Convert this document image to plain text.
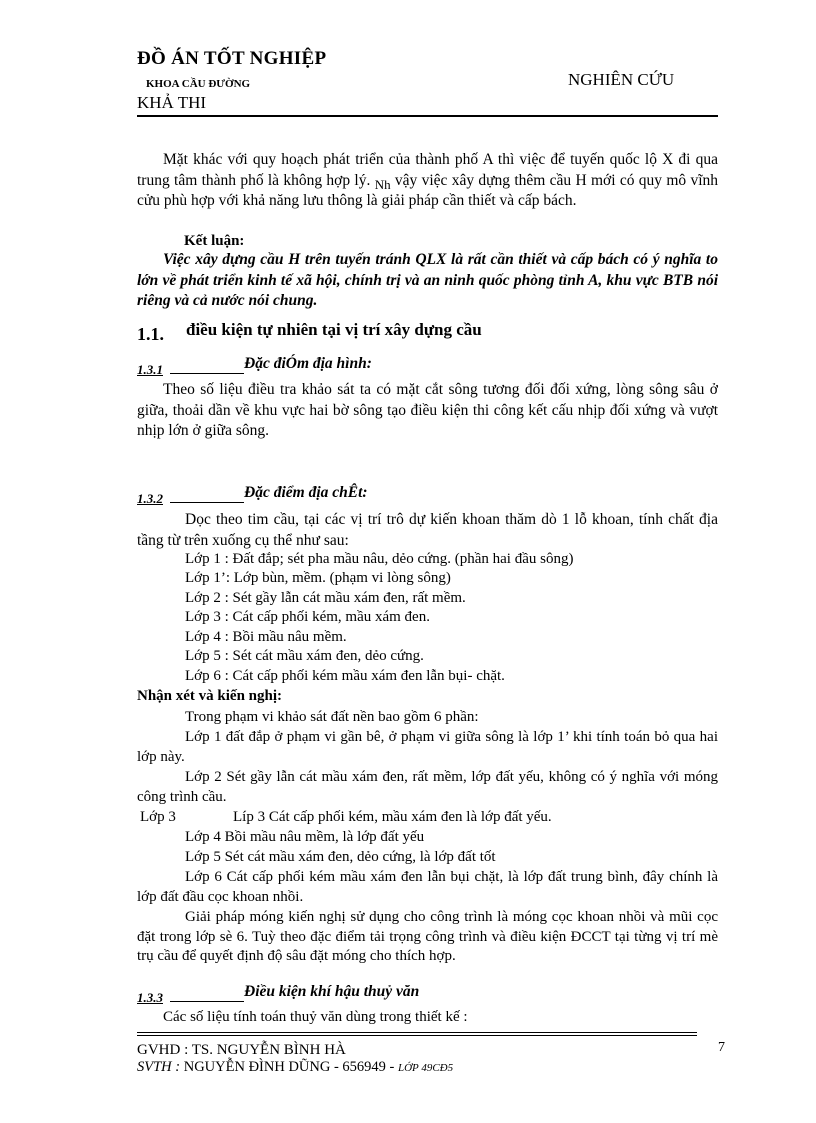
ĐỒ ÁN TỐT NGHIỆP
KHOA CẦU ĐƯỜNG	NGHIÊN CỨU
KHẢ THI
Mặt khác với quy hoạch phát triển của thành phố A thì việc để tuyến quốc lộ X đi qua trung tâm thành phố là không hợp lý. $_{Nh}$ vậy việc xây dựng thêm cầu H mới có quy mô vĩnh cửu phù hợp với khả năng lưu thông là giải pháp cần thiết và cấp bách.
Kết luận:
Việc xây dựng cầu H trên tuyến tránh QLX là rất cần thiết và cấp bách có ý nghĩa to lớn về phát triển kinh tế xã hội, chính trị và an ninh quốc phòng tỉnh A, khu vực BTB nói riêng và cả nước nói chung.
1.1. điều kiện tự nhiên tại vị trí xây dựng cầu
1.3.1	Đặc điÓm địa hình:
Theo số liệu điều tra khảo sát ta có mặt cắt sông tương đối đối xứng, lòng sông sâu ở giữa, thoải dần về khu vực hai bờ sông tạo điều kiện thi công kết cấu nhịp đối xứng và vượt nhịp lớn ở giữa sông.
1.3.2	Đặc điểm địa chÊt:
Dọc theo tim cầu, tại các vị trí trô dự kiến khoan thăm dò 1 lỗ khoan, tính chất địa tầng từ trên xuống cụ thể như sau:
Lớp 1 : Đất đắp; sét pha mầu nâu, dẻo cứng. (phần hai đầu sông)
Lớp 1’: Lớp bùn, mềm. (phạm vi lòng sông)
Lớp 2 : Sét gầy lẫn cát mầu xám đen, rất mềm.
Lớp 3 : Cát cấp phối kém, mầu xám đen.
Lớp 4 : Bồi mầu nâu mềm.
Lớp 5 : Sét cát mầu xám đen, dẻo cứng.
Lớp 6 : Cát cấp phối kém mầu xám đen lẫn bụi- chặt.
Nhận xét và kiến nghị:
Trong phạm vi khảo sát đất nền bao gồm 6 phần:
Lớp 1 đất đắp ở phạm vi gần bê, ở phạm vi giữa sông là lớp 1’ khi tính toán bỏ qua hai lớp này.
Lớp 2 Sét gầy lẫn cát mầu xám đen, rất mềm, lớp đất yếu, không có ý nghĩa với móng công trình cầu.
Lớp 3	Líp 3 Cát cấp phối kém, mầu xám đen là lớp đất yếu.
Lớp 4 Bồi mầu nâu mềm, là lớp đất yếu
Lớp 5 Sét cát mầu xám đen, dẻo cứng, là lớp đất tốt
Lớp 6 Cát cấp phối kém mầu xám đen lẫn bụi chặt, là lớp đất trung bình, đây chính là lớp đất đầu cọc khoan nhồi.
Giải pháp móng kiến nghị sử dụng cho công trình là móng cọc khoan nhồi và mũi cọc đặt trong lớp sè 6. Tuỳ theo đặc điểm tải trọng công trình và điều kiện ĐCCT tại từng vị trí mè trụ cầu để quyết định độ sâu đặt móng cho thích hợp.
1.3.3	Điều kiện khí hậu thuỷ văn
Các số liệu tính toán thuỷ văn dùng trong thiết kế :
GVHD : TS. NGUYỄN BÌNH HÀ
SVTH : NGUYỄN ĐÌNH DŨNG - 656949 - LỚP 49CĐ5
7
